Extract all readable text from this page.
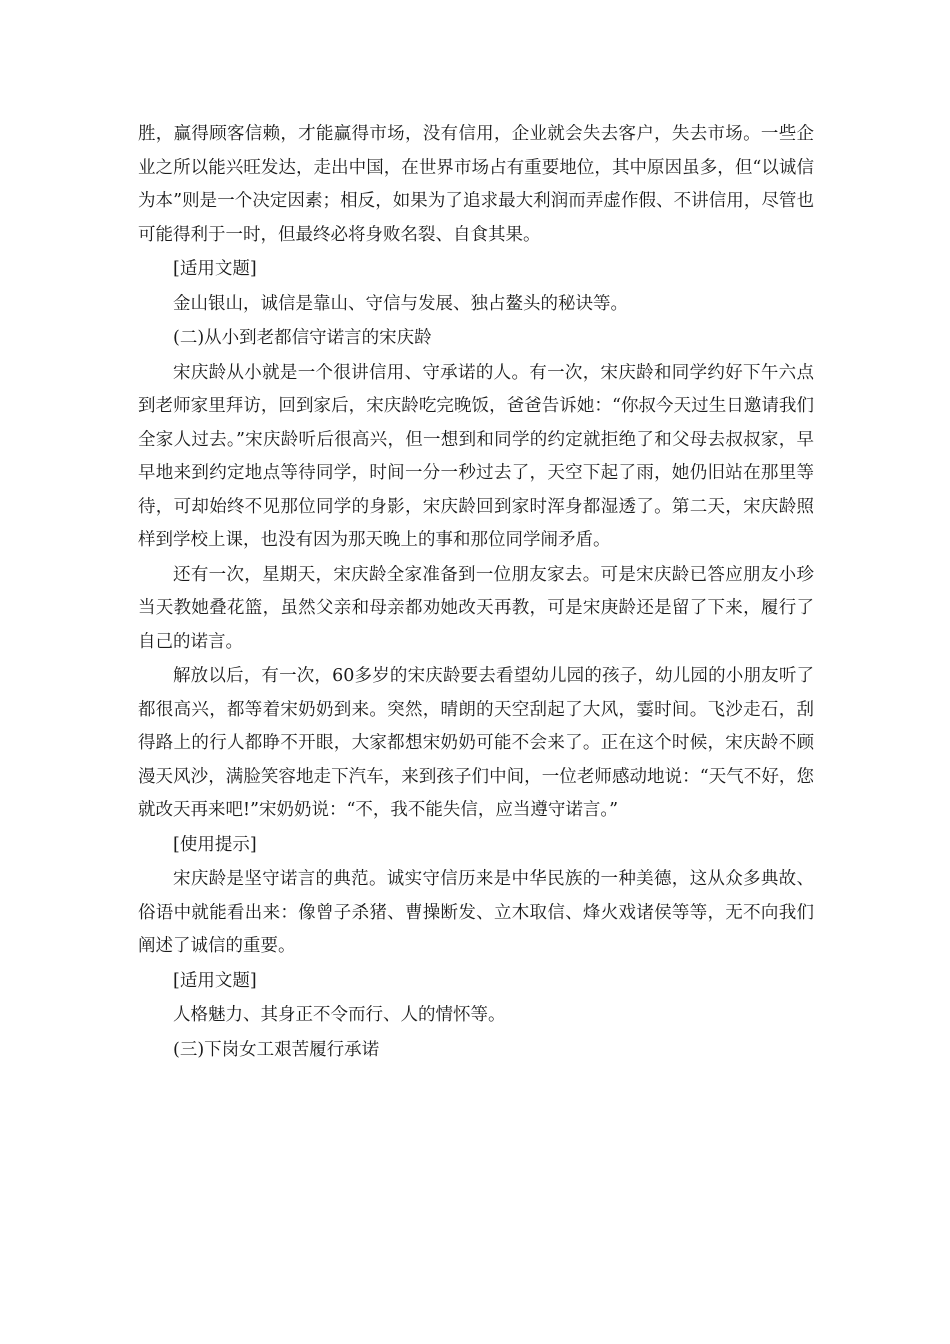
胜，赢得顾客信赖，才能赢得市场，没有信用，企业就会失去客户，失去市场。一些企业之所以能兴旺发达，走出中国，在世界市场占有重要地位，其中原因虽多，但“以诚信为本”则是一个决定因素；相反，如果为了追求最大利润而弄虚作假、不讲信用，尽管也可能得利于一时，但最终必将身败名裂、自食其果。

[适用文题]

金山银山，诚信是靠山、守信与发展、独占鳌头的秘诀等。

(二)从小到老都信守诺言的宋庆龄

宋庆龄从小就是一个很讲信用、守承诺的人。有一次，宋庆龄和同学约好下午六点到老师家里拜访，回到家后，宋庆龄吃完晚饭，爸爸告诉她：“你叔今天过生日邀请我们全家人过去。”宋庆龄听后很高兴，但一想到和同学的约定就拒绝了和父母去叔叔家，早早地来到约定地点等待同学，时间一分一秒过去了，天空下起了雨，她仍旧站在那里等待，可却始终不见那位同学的身影，宋庆龄回到家时浑身都湿透了。第二天，宋庆龄照样到学校上课，也没有因为那天晚上的事和那位同学闹矛盾。

还有一次，星期天，宋庆龄全家准备到一位朋友家去。可是宋庆龄已答应朋友小珍当天教她叠花篮，虽然父亲和母亲都劝她改天再教，可是宋庚龄还是留了下来，履行了自己的诺言。

解放以后，有一次，60多岁的宋庆龄要去看望幼儿园的孩子，幼儿园的小朋友听了都很高兴，都等着宋奶奶到来。突然，晴朗的天空刮起了大风，霎时间。飞沙走石，刮得路上的行人都睁不开眼，大家都想宋奶奶可能不会来了。正在这个时候，宋庆龄不顾漫天风沙，满脸笑容地走下汽车，来到孩子们中间，一位老师感动地说：“天气不好，您就改天再来吧!”宋奶奶说：“不，我不能失信，应当遵守诺言。”

[使用提示]

宋庆龄是坚守诺言的典范。诚实守信历来是中华民族的一种美德，这从众多典故、俗语中就能看出来：像曾子杀猪、曹操断发、立木取信、烽火戏诸侯等等，无不向我们阐述了诚信的重要。

[适用文题]

人格魅力、其身正不令而行、人的情怀等。

(三)下岗女工艰苦履行承诺
